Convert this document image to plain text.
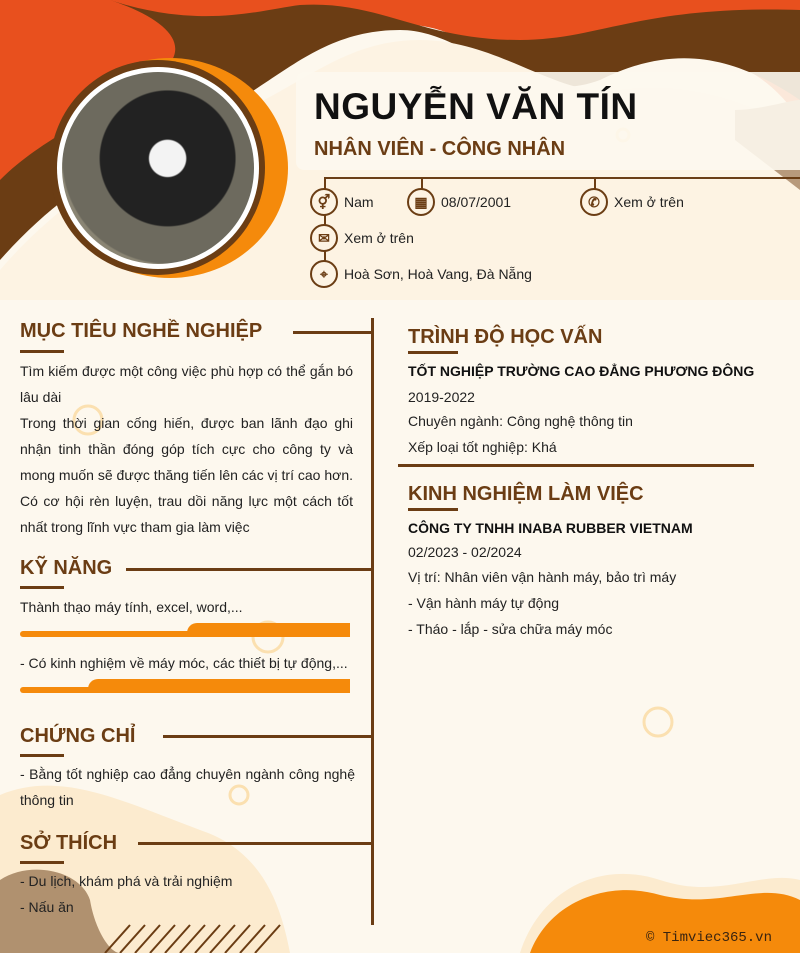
NGUYỄN VĂN TÍN
NHÂN VIÊN - CÔNG NHÂN
⚥ Nam	▦ 08/07/2001	✆	Xem ở trên
✉	Xem ở trên
⌖	Hoà Sơn, Hoà Vang, Đà Nẵng
MỤC TIÊU NGHỀ NGHIỆP
Tìm kiếm được một công việc phù hợp có thể gắn bó lâu dài
Trong thời gian cống hiến, được ban lãnh đạo ghi nhận tinh thần đóng góp tích cực cho công ty và mong muốn sẽ được thăng tiến lên các vị trí cao hơn. Có cơ hội rèn luyện, trau dồi năng lực một cách tốt nhất trong lĩnh vực tham gia làm việc
KỸ NĂNG
Thành thạo máy tính, excel, word,...
- Có kinh nghiệm về máy móc, các thiết bị tự động,...
CHỨNG CHỈ
- Bằng tốt nghiệp cao đẳng chuyên ngành công nghệ thông tin
SỞ THÍCH
- Du lịch, khám phá và trải nghiệm
- Nấu ăn
TRÌNH ĐỘ HỌC VẤN
TỐT NGHIỆP TRƯỜNG CAO ĐẲNG PHƯƠNG ĐÔNG
2019-2022
Chuyên ngành: Công nghệ thông tin
Xếp loại tốt nghiệp: Khá
KINH NGHIỆM LÀM VIỆC
CÔNG TY TNHH INABA RUBBER VIETNAM
02/2023 - 02/2024
Vị trí: Nhân viên vận hành máy, bảo trì máy
- Vận hành máy tự động
- Tháo - lắp - sửa chữa máy móc
© Timviec365.vn
